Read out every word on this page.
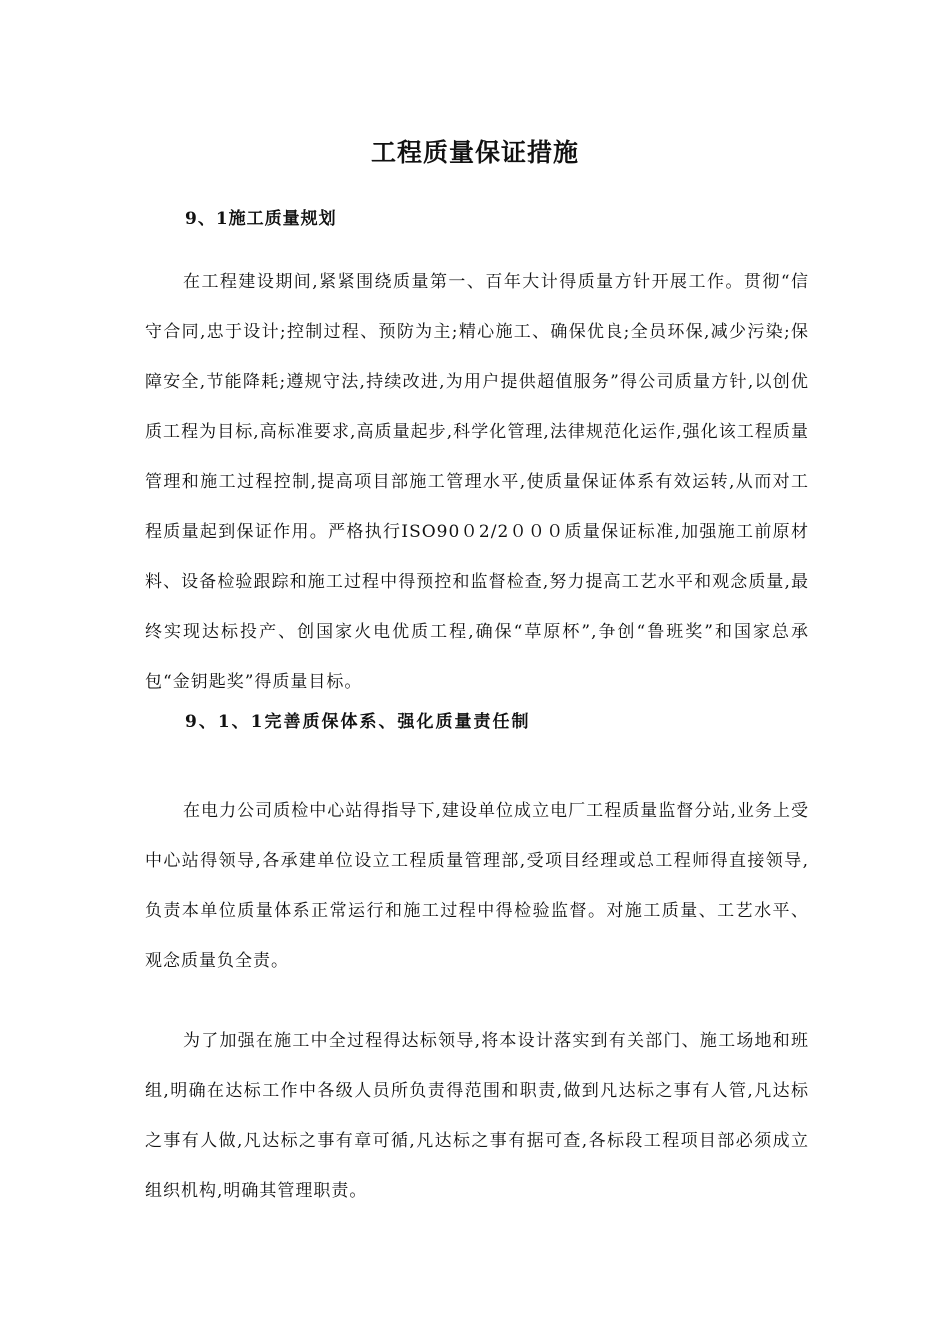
工程质量保证措施
9、1施工质量规划

在工程建设期间,紧紧围绕质量第一、百年大计得质量方针开展工作。贯彻“信守合同,忠于设计;控制过程、预防为主;精心施工、确保优良;全员环保,减少污染;保障安全,节能降耗;遵规守法,持续改进,为用户提供超值服务”得公司质量方针,以创优质工程为目标,高标准要求,高质量起步,科学化管理,法律规范化运作,强化该工程质量管理和施工过程控制,提高项目部施工管理水平,使质量保证体系有效运转,从而对工程质量起到保证作用。严格执行ISO90０2/2０００质量保证标准,加强施工前原材料、设备检验跟踪和施工过程中得预控和监督检查,努力提高工艺水平和观念质量,最终实现达标投产、创国家火电优质工程,确保“草原杯”,争创“鲁班奖”和国家总承包“金钥匙奖”得质量目标。

9、1、1完善质保体系、强化质量责任制

在电力公司质检中心站得指导下,建设单位成立电厂工程质量监督分站,业务上受中心站得领导,各承建单位设立工程质量管理部,受项目经理或总工程师得直接领导,负责本单位质量体系正常运行和施工过程中得检验监督。对施工质量、工艺水平、观念质量负全责。

为了加强在施工中全过程得达标领导,将本设计落实到有关部门、施工场地和班组,明确在达标工作中各级人员所负责得范围和职责,做到凡达标之事有人管,凡达标之事有人做,凡达标之事有章可循,凡达标之事有据可查,各标段工程项目部必须成立组织机构,明确其管理职责。
